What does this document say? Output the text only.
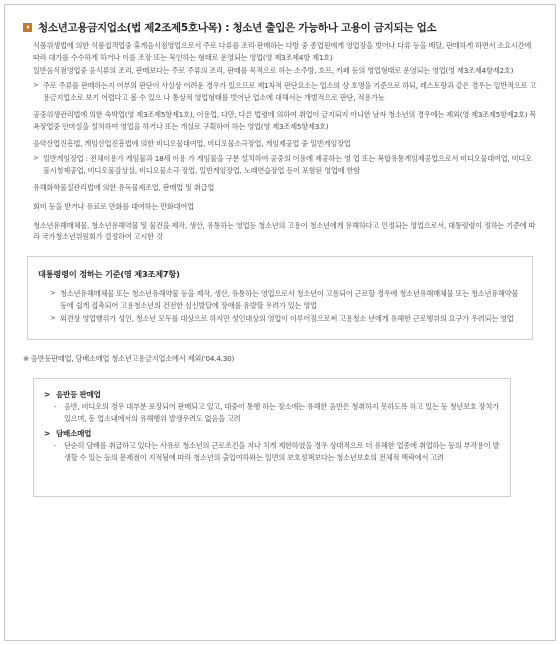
청소년고용금지업소(법 제2조제5호나목) : 청소년 출입은 가능하나 고용이 금지되는 업소
식품위생법에 의한 식품접객업중 휴게음식점영업으로서 주로 다류를 조리·판매하는 다방 중 종업원에게 영업장을 벗어나 다류 등을 배달, 판매하게 하면서 소요시간에 따라 대가를 수수하게 하거나 이를 조장 또는 묵인하는 형태로 운영되는 영업(영 제3조제4항 제1호)
일반음식점영업중 음식류의 조리, 판매보다는 주로 주류의 조리, 판매를 목적으로 하는 소주방, 호프, 카페 등의 영업형태로 운영되는 영업(영 제3조제4항제2호)
> 주로 주류를 판매하는지 여부의 판단이 사실상 어려운 경우가 있으므로 제1차적 판단요소는 업소의 상 호명을 기준으로 하되, 레스토랑과 같은 경우는 일반적으로 고용금지업소로 보기 어렵다고 볼 수 있으 나 통상적 영업형태를 벗어난 업소에 대해서는 개별적으로 판단, 적용가능
공중위생관리법에 의한 숙박업(영 제3조제5항제1호), 이용업, 다만, 다른 법령에 의하여 취업이 금지되지 아니한 남자 청소년의 경우에는 제외(영 제3조제5항제2호) 목욕장업중 안마실을 설치하여 영업을 하거나 또는 개실로 구획하여 하는 영업(영 제3조제5항제3호)
음악산업진흥법, 게임산업진흥법에 의한 비디오물대여업, 비디오물소극장업, 게임제공업 중 일반게임장업
> 일반게임장업 : 전체이용가 게임물과 18세 이용 가 게임물을 구분 설치하여 공중의 이용에 제공하는 영 업 또는 복합유통게임제공업으로서 비디오물대여업, 비디오물시청제공업, 비디오물감상실, 비디오물소극 장업, 일반게임장업, 노래연습장업 등이 포함된 영업에 한함
유해화학물질관리법에 의한 유독물제조업, 판매업 및 취급업
회비 등을 받거나 유료로 만화를 대여하는 만화대여업
청소년유해매체물, 청소년유해약물 및 물건을 제작, 생산, 유통하는 영업등 청소년의 고용이 청소년에게 유해하다고 인정되는 영업으로서, 대통령령이 정하는 기준에 따라 국가청소년위원회가 결정하여 고시한 것
대통령령이 정하는 기준(영 제3조제7항)
> 청소년유해매체물 또는 청소년유해약물 등을 제작, 생산, 유통하는 영업으로서 청소년이 고용되어 근로할 경우에 청소년유해매체물 또는 청소년유해약물 등에 쉽게 접촉되어 고용청소년의 건전한 심신발달에 장애를 유발할 우려가 있는 영업
> 외견상 영업행위가 성인, 청소년 모두를 대상으로 하지만 성인대상의 영업이 이루어짐으로써 고용청소 년에게 유해한 근로행위의 요구가 우려되는 영업
※ 음반등판매업, 담배소매업 청소년고용금지업소에서 제외('04.4.30)
> 음반등 판매업
-	음반, 비디오의 경우 대부분 포장되어 판매되고 있고, 대중이 통행 하는 장소에는 유해한 음반은 청취하지 못하도록 하고 있는 등 청년보호 장치가 있으며, 동 업소내에서의 유해행위 발생우려도 없음을 고려
> 담배소매업
-	단순히 담배를 취급하고 있다는 사유로 청소년의 근로조건을 지나 치게 제한하였을 경우 상대적으로 더 유해한 업종에 취업하는 등의 부작용이 발생할 수 있는 등의 문제점이 지적됨에 따라 청소년의 출입여하와는 일면의 보호정책보다는 청소년보호의 전체적 맥락에서 고려
